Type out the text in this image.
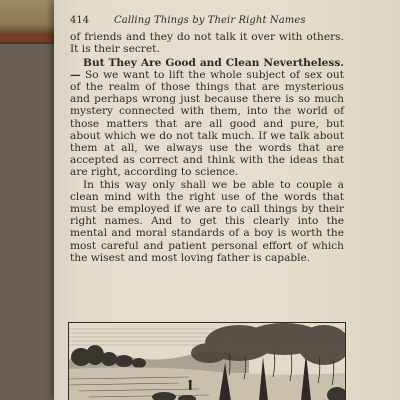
414	Calling Things by Their Right Names

of friends and they do not talk it over with others. It is their secret.

But They Are Good and Clean Nevertheless.— So we want to lift the whole subject of sex out of the realm of those things that are mysterious and perhaps wrong just because there is so much mystery connected with them, into the world of those matters that are all good and pure, but about which we do not talk much. If we talk about them at all, we always use the words that are accepted as correct and think with the ideas that are right, according to science.

In this way only shall we be able to couple a clean mind with the right use of the words that must be employed if we are to call things by their right names. And to get this clearly into the mental and moral standards of a boy is worth the most careful and patient personal effort of which the wisest and most loving father is capable.
